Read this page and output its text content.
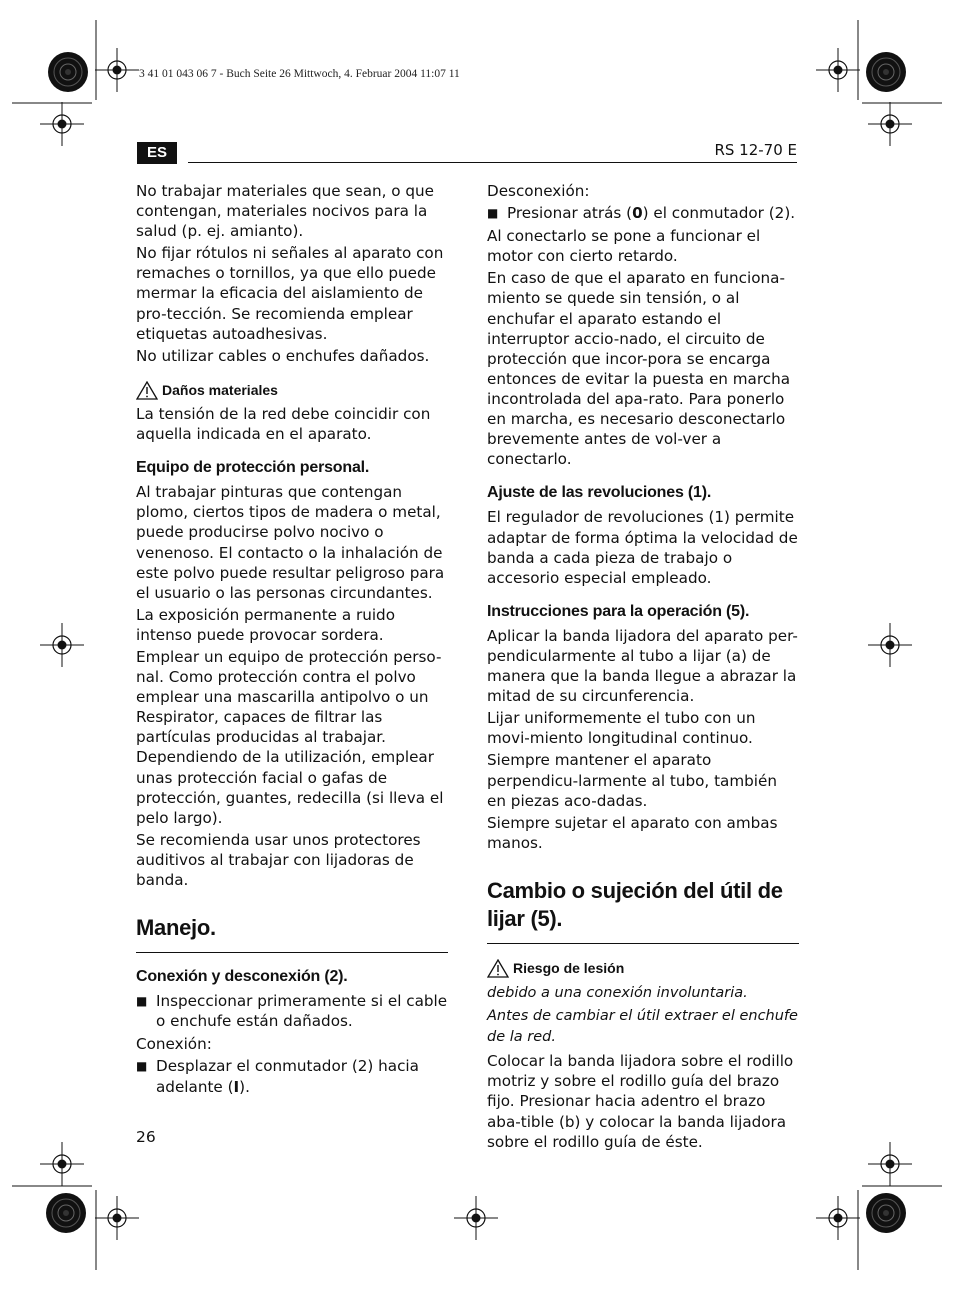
3 41 01 043 06 7 - Buch Seite 26 Mittwoch, 4. Februar 2004 11:07 11
ES	RS 12-70 E

No trabajar materiales que sean, o que contengan, materiales nocivos para la salud (p. ej. amianto).

No fijar rótulos ni señales al aparato con remaches o tornillos, ya que ello puede mermar la eficacia del aislamiento de pro-tección. Se recomienda emplear etiquetas autoadhesivas.

No utilizar cables o enchufes dañados.

Daños materiales

La tensión de la red debe coincidir con aquella indicada en el aparato.

Equipo de protección personal.

Al trabajar pinturas que contengan plomo, ciertos tipos de madera o metal, puede producirse polvo nocivo o venenoso. El contacto o la inhalación de este polvo puede resultar peligroso para el usuario o las personas circundantes.

La exposición permanente a ruido intenso puede provocar sordera.

Emplear un equipo de protección perso-nal. Como protección contra el polvo emplear una mascarilla antipolvo o un Respirator, capaces de filtrar las partículas producidas al trabajar. Dependiendo de la utilización, emplear unas protección facial o gafas de protección, guantes, redecilla (si lleva el pelo largo).

Se recomienda usar unos protectores auditivos al trabajar con lijadoras de banda.

Manejo.
Conexión y desconexión (2).
■ Inspeccionar primeramente si el cable o enchufe están dañados.

Conexión:

■ Desplazar el conmutador (2) hacia adelante (I).

Desconexión:

■ Presionar atrás (0) el conmutador (2).

Al conectarlo se pone a funcionar el motor con cierto retardo.

En caso de que el aparato en funciona-miento se quede sin tensión, o al enchufar el aparato estando el interruptor accio-nado, el circuito de protección que incor-pora se encarga entonces de evitar la puesta en marcha incontrolada del apa-rato. Para ponerlo en marcha, es necesario desconectarlo brevemente antes de vol-ver a conectarlo.

Ajuste de las revoluciones (1).

El regulador de revoluciones (1) permite adaptar de forma óptima la velocidad de banda a cada pieza de trabajo o accesorio especial empleado.

Instrucciones para la operación (5).

Aplicar la banda lijadora del aparato per-pendicularmente al tubo a lijar (a) de manera que la banda llegue a abrazar la mitad de su circunferencia.

Lijar uniformemente el tubo con un movi-miento longitudinal continuo.

Siempre mantener el aparato perpendicu-larmente al tubo, también en piezas aco-dadas.

Siempre sujetar el aparato con ambas manos.

Cambio o sujeción del útil de lijar (5).
Riesgo de lesión

debido a una conexión involuntaria.

Antes de cambiar el útil extraer el enchufe de la red.

Colocar la banda lijadora sobre el rodillo motriz y sobre el rodillo guía del brazo fijo. Presionar hacia adentro el brazo aba-tible (b) y colocar la banda lijadora sobre el rodillo guía de éste.

26
